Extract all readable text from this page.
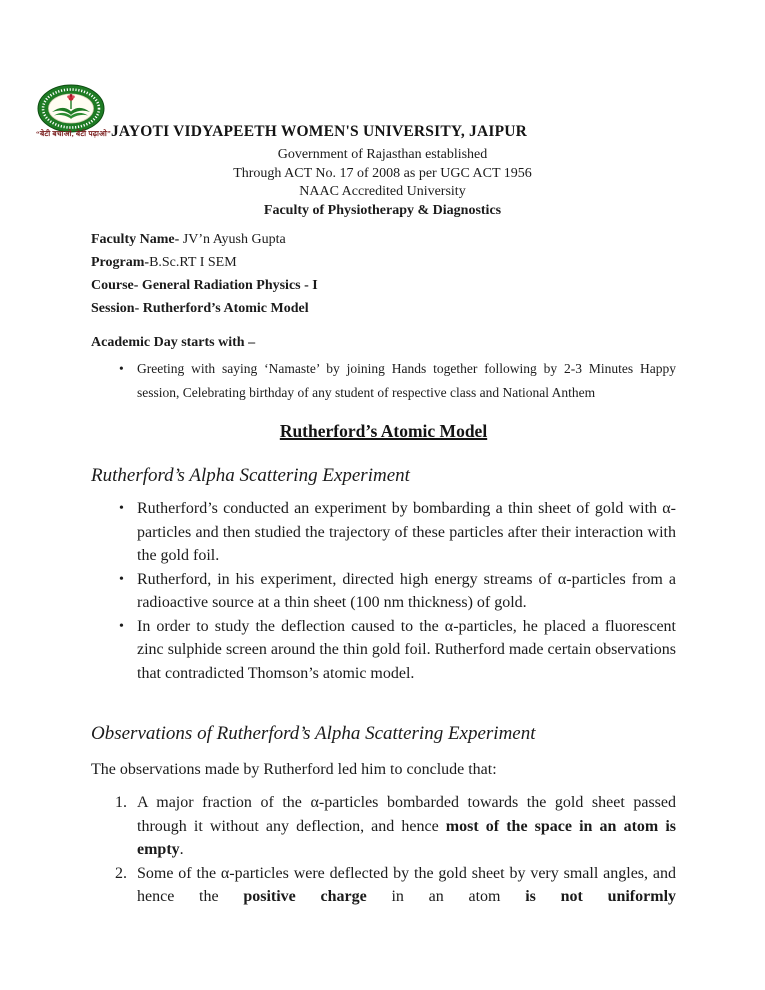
“बेटी बचाओ, बेटी पढ़ाओ”JAYOTI VIDYAPEETH WOMEN'S UNIVERSITY, JAIPUR
Government of Rajasthan established
Through ACT No. 17 of 2008 as per UGC ACT 1956
NAAC Accredited University
Faculty of Physiotherapy & Diagnostics
Faculty Name- JV’n Ayush Gupta
Program-B.Sc.RT I SEM
Course- General Radiation Physics - I
Session- Rutherford’s Atomic Model

Academic Day starts with –

• Greeting with saying ‘Namaste’ by joining Hands together following by 2-3 Minutes Happy session, Celebrating birthday of any student of respective class and National Anthem
Rutherford’s Atomic Model
Rutherford’s Alpha Scattering Experiment
• Rutherford’s conducted an experiment by bombarding a thin sheet of gold with α-particles and then studied the trajectory of these particles after their interaction with the gold foil.
• Rutherford, in his experiment, directed high energy streams of α-particles from a radioactive source at a thin sheet (100 nm thickness) of gold.
• In order to study the deflection caused to the α-particles, he placed a fluorescent zinc sulphide screen around the thin gold foil. Rutherford made certain observations that contradicted Thomson’s atomic model.
Observations of Rutherford’s Alpha Scattering Experiment

The observations made by Rutherford led him to conclude that:

A major fraction of the α-particles bombarded towards the gold sheet passed through it without any deflection, and hence most of the space in an atom is empty.
Some of the α-particles were deflected by the gold sheet by very small angles, and hence the positive charge in an atom is not uniformly
